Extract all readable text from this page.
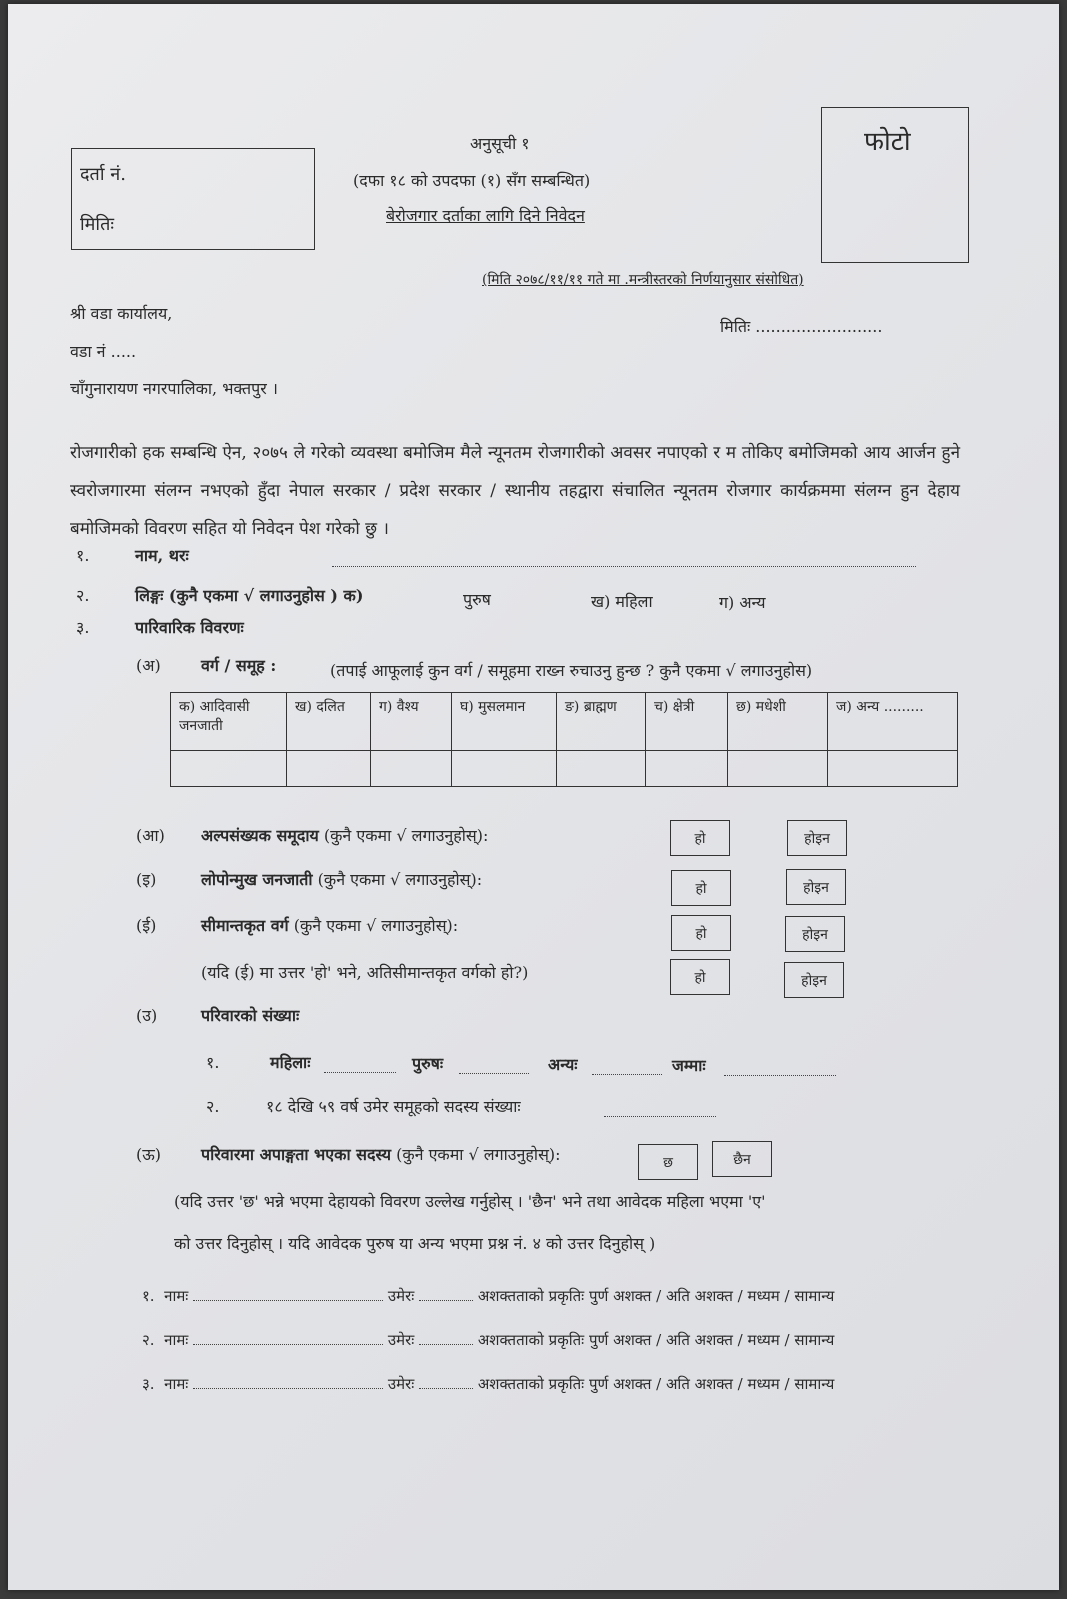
दर्ता नं.
मितिः
अनुसूची १
(दफा १८ को उपदफा (१) सँग सम्बन्धित)
बेरोजगार दर्ताका लागि दिने निवेदन
फोटो
(मिति २०७८/११/११ गते मा .मन्त्रीस्तरको निर्णयानुसार संसोधित)
श्री वडा कार्यालय,
वडा नं .....
चाँगुनारायण नगरपालिका, भक्तपुर ।
मितिः .........................
रोजगारीको हक सम्बन्धि ऐन, २०७५ ले गरेको व्यवस्था बमोजिम मैले न्यूनतम रोजगारीको अवसर नपाएको र म तोकिए बमोजिमको आय आर्जन हुने स्वरोजगारमा संलग्न नभएको हुँदा नेपाल सरकार / प्रदेश सरकार / स्थानीय तहद्वारा संचालित न्यूनतम रोजगार कार्यक्रममा संलग्न हुन देहाय बमोजिमको विवरण सहित यो निवेदन पेश गरेको छु ।
१.	नाम, थरः
२.	लिङ्गः (कुनै एकमा √ लगाउनुहोस ) क)	पुरुष	ख) महिला	ग) अन्य
३.	पारिवारिक विवरणः
(अ)	वर्ग / समूह :	(तपाई आफूलाई कुन वर्ग / समूहमा राख्न रुचाउनु हुन्छ ? कुनै एकमा √ लगाउनुहोस)
क) आदिवासी जनजाती	ख) दलित	ग) वैश्य	घ) मुसलमान	ङ) ब्राह्मण	च) क्षेत्री	छ) मधेशी	ज) अन्य .........

(आ) अल्पसंख्यक समूदाय (कुनै एकमा √ लगाउनुहोस्):	हो	होइन
(इ)	लोपोन्मुख जनजाती (कुनै एकमा √ लगाउनुहोस्):	हो	होइन
(ई)	सीमान्तकृत वर्ग (कुनै एकमा √ लगाउनुहोस्):	हो	होइन
(यदि (ई) मा उत्तर 'हो' भने, अतिसीमान्तकृत वर्गको हो?)	हो	होइन
(उ)	परिवारको संख्याः
१.	महिलाः	पुरुषः	अन्यः	जम्माः
२.	१८ देखि ५९ वर्ष उमेर समूहको सदस्य संख्याः
(ऊ) परिवारमा अपाङ्गता भएका सदस्य (कुनै एकमा √ लगाउनुहोस्):	छ	छैन
(यदि उत्तर 'छ' भन्ने भएमा देहायको विवरण उल्लेख गर्नुहोस् । 'छैन' भने तथा आवेदक महिला भएमा 'ए'
को उत्तर दिनुहोस् । यदि आवेदक पुरुष या अन्य भएमा प्रश्न नं. ४ को उत्तर दिनुहोस् )
१. नामः	उमेरः	अशक्तताको प्रकृतिः पुर्ण अशक्त / अति अशक्त / मध्यम / सामान्य
२. नामः	उमेरः	अशक्तताको प्रकृतिः पुर्ण अशक्त / अति अशक्त / मध्यम / सामान्य
३. नामः	उमेरः	अशक्तताको प्रकृतिः पुर्ण अशक्त / अति अशक्त / मध्यम / सामान्य
